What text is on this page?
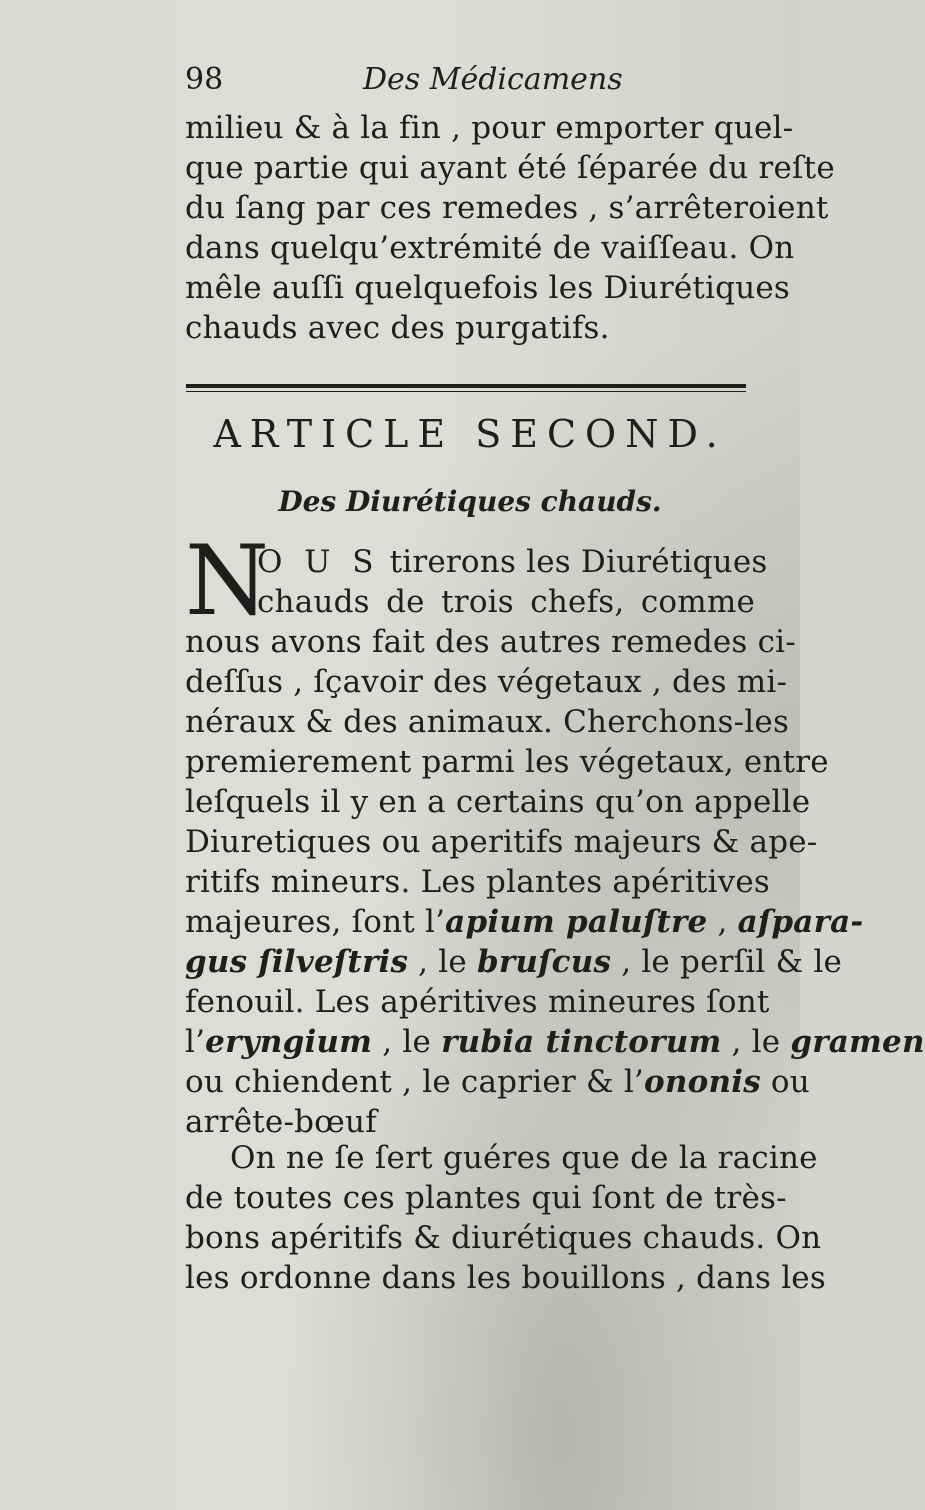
98	Des Médicamens
milieu & à la fin , pour emporter quel-
que partie qui ayant été ſéparée du reſte
du ſang par ces remedes , s’arrêteroient
dans quelqu’extrémité de vaiſſeau. On
mêle auſſi quelquefois les Diurétiques
chauds avec des purgatifs.
ARTICLE SECOND.
Des Diurétiques chauds.
N
O U S tirerons les Diurétiques
chauds de trois chefs, comme
nous avons fait des autres remedes ci-
deſſus , ſçavoir des végetaux , des mi-
néraux & des animaux. Cherchons-les
premierement parmi les végetaux, entre
leſquels il y en a certains qu’on appelle
Diuretiques ou aperitifs majeurs & ape-
ritifs mineurs. Les plantes apéritives
majeures, ſont l’apium paluſtre , aſpara-
gus ſilveſtris , le bruſcus , le perſil & le
fenouil. Les apéritives mineures ſont
l’eryngium , le rubia tinctorum , le gramen
ou chiendent , le caprier & l’ononis ou
arrête-bœuf
On ne ſe ſert guéres que de la racine
de toutes ces plantes qui ſont de très-
bons apéritifs & diurétiques chauds. On
les ordonne dans les bouillons , dans les
